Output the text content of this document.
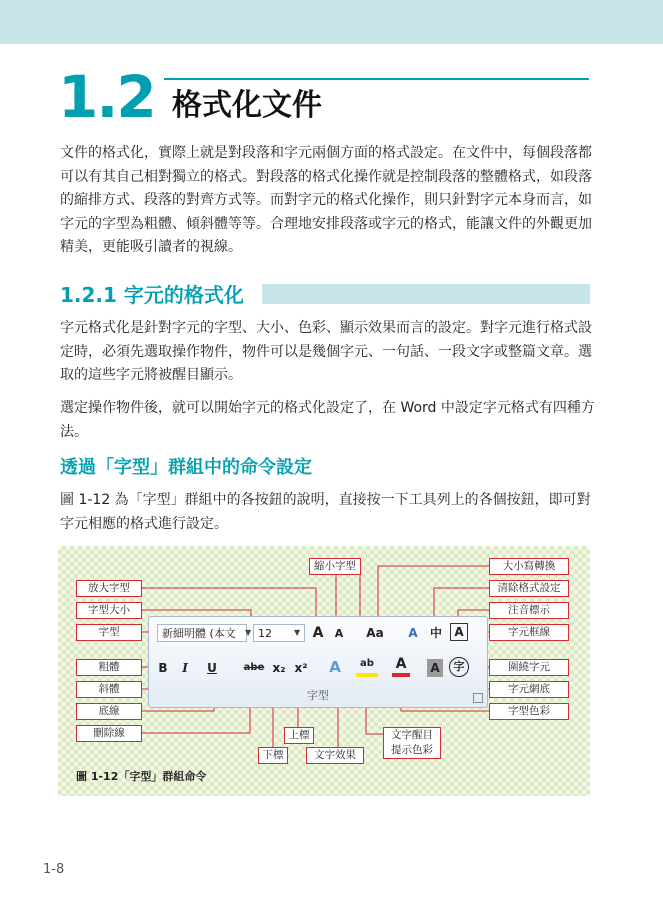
1.2 格式化文件

文件的格式化，實際上就是對段落和字元兩個方面的格式設定。在文件中，每個段落都可以有其自己相對獨立的格式。對段落的格式化操作就是控制段落的整體格式，如段落的縮排方式、段落的對齊方式等。而對字元的格式化操作，則只針對字元本身而言，如字元的字型為粗體、傾斜體等等。合理地安排段落或字元的格式，能讓文件的外觀更加精美，更能吸引讀者的視線。

1.2.1 字元的格式化

字元格式化是針對字元的字型、大小、色彩、顯示效果而言的設定。對字元進行格式設定時，必須先選取操作物件，物件可以是幾個字元、一句話、一段文字或整篇文章。選取的這些字元將被醒目顯示。

選定操作物件後，就可以開始字元的格式化設定了，在 Word 中設定字元格式有四種方法。

透過「字型」群組中的命令設定

圖 1-12 為「字型」群組中的各按鈕的說明，直接按一下工具列上的各個按鈕，即可對字元相應的格式進行設定。

新細明體 (本文	▼ 12	▼ A	A	Aa A 中	A
B	I	U	abe x₂ x² A	ab A A	字
字型
放大字型
字型大小
字型
粗體
斜體
底線
刪除線
下標
上標
文字效果
文字醒目
提示色彩
縮小字型	大小寫轉換
清除格式設定
注音標示
字元框線
圍繞字元
字元網底
字型色彩
圖 1-12「字型」群組命令
1-8
